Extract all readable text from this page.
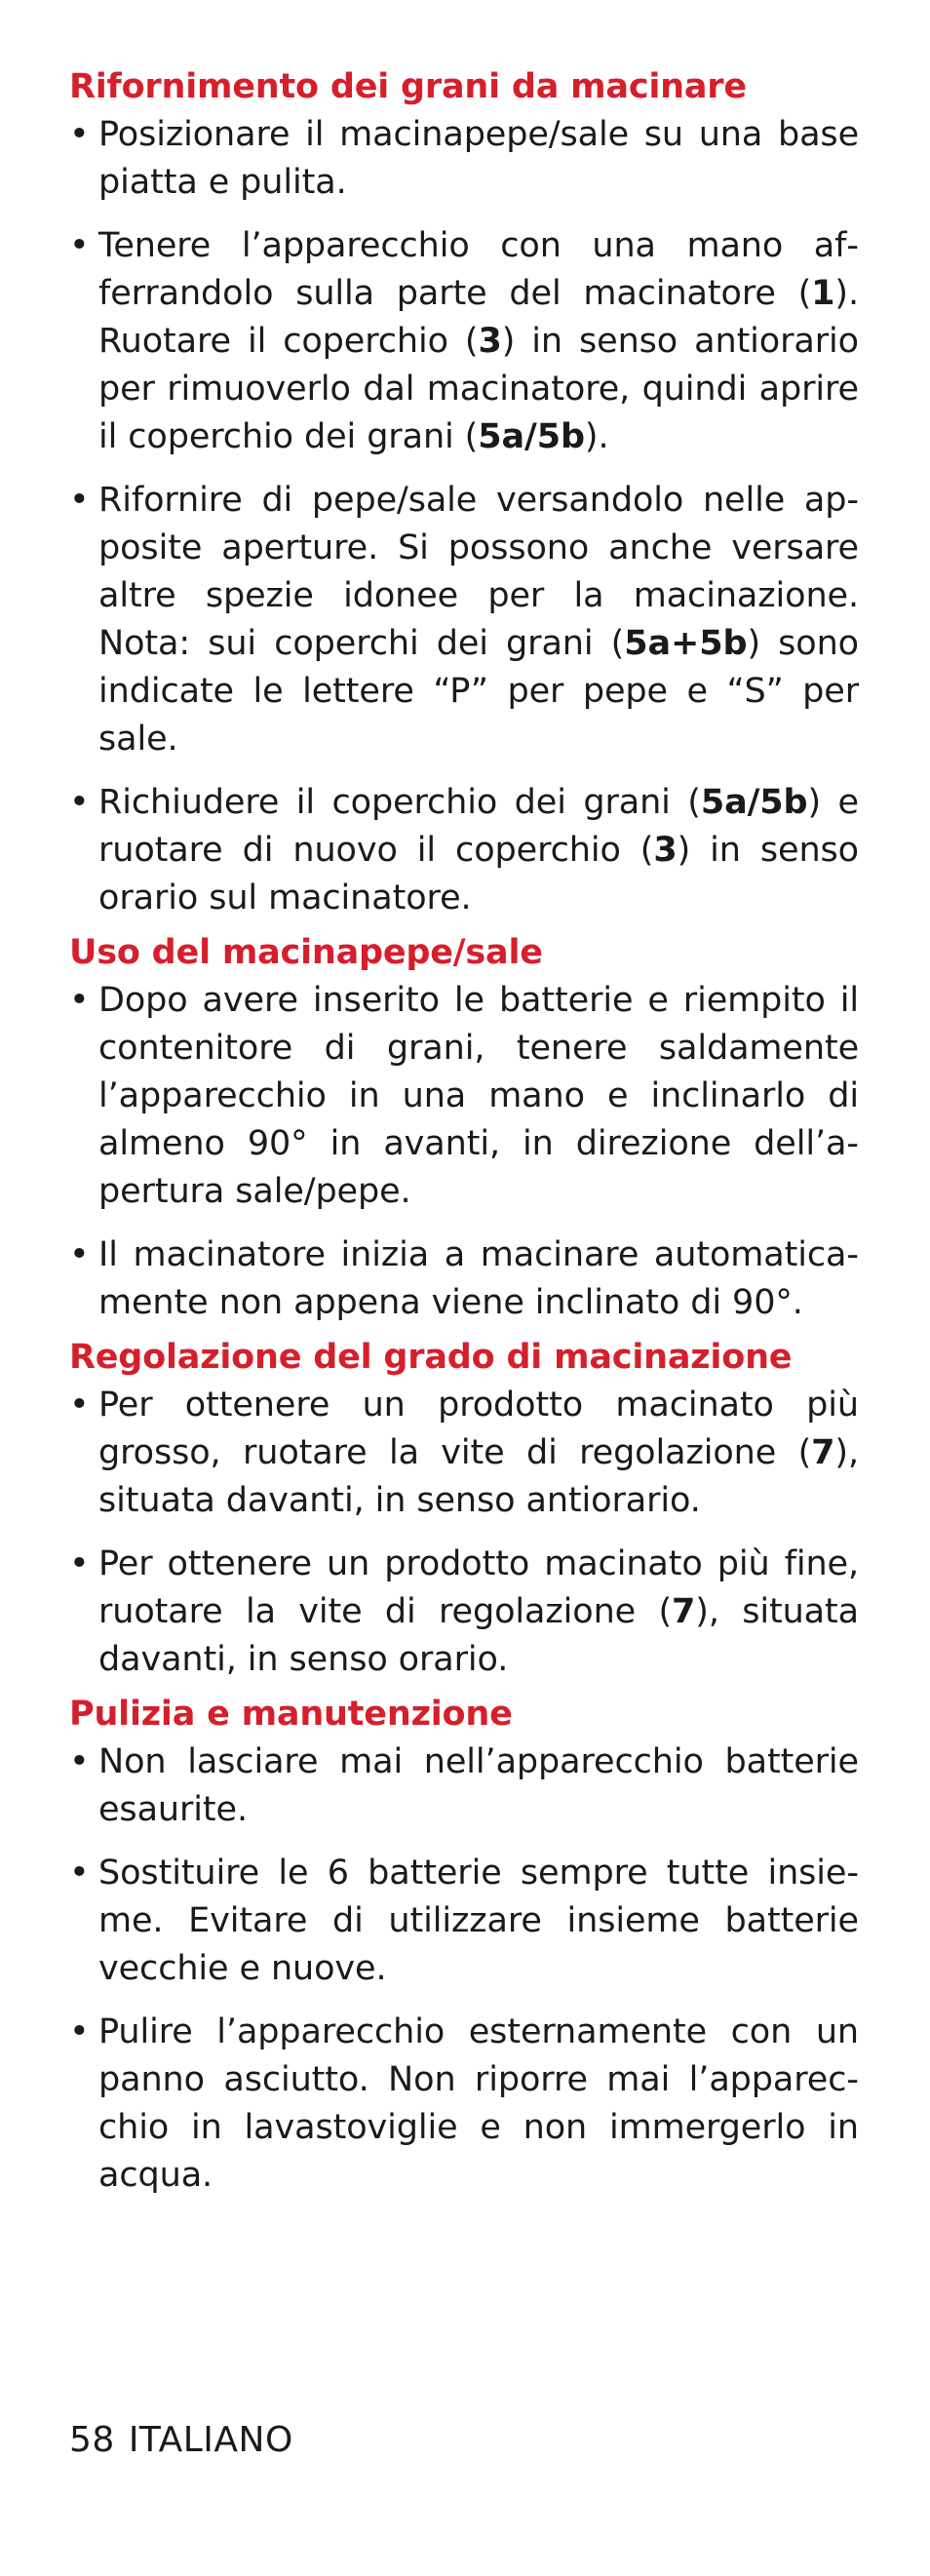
Rifornimento dei grani da macinare
• Posizionare il macinapepe/sale su una base piatta e pulita.
• Tenere l’apparecchio con una mano afferrandolo sulla parte del macinatore (1). Ruotare il coperchio (3) in senso antiorario per rimuoverlo dal macinatore, quindi aprire il coperchio dei grani (5a/5b).
• Rifornire di pepe/sale versandolo nelle apposite aperture. Si possono anche versare altre spezie idonee per la macinazione. Nota: sui coperchi dei grani (5a+5b) sono indicate le lettere “P” per pepe e “S” per sale.
• Richiudere il coperchio dei grani (5a/5b) e ruotare di nuovo il coperchio (3) in senso orario sul macinatore.
Uso del macinapepe/sale
• Dopo avere inserito le batterie e riempito il contenitore di grani, tenere saldamente l’apparecchio in una mano e inclinarlo di almeno 90° in avanti, in direzione dell’apertura sale/pepe.
• Il macinatore inizia a macinare automaticamente non appena viene inclinato di 90°.
Regolazione del grado di macinazione
• Per ottenere un prodotto macinato più grosso, ruotare la vite di regolazione (7), situata davanti, in senso antiorario.
• Per ottenere un prodotto macinato più fine, ruotare la vite di regolazione (7), situata davanti, in senso orario.
Pulizia e manutenzione
• Non lasciare mai nell’apparecchio batterie esaurite.
• Sostituire le 6 batterie sempre tutte insieme. Evitare di utilizzare insieme batterie vecchie e nuove.
• Pulire l’apparecchio esternamente con un panno asciutto. Non riporre mai l’apparecchio in lavastoviglie e non immergerlo in acqua.
58 ITALIANO
